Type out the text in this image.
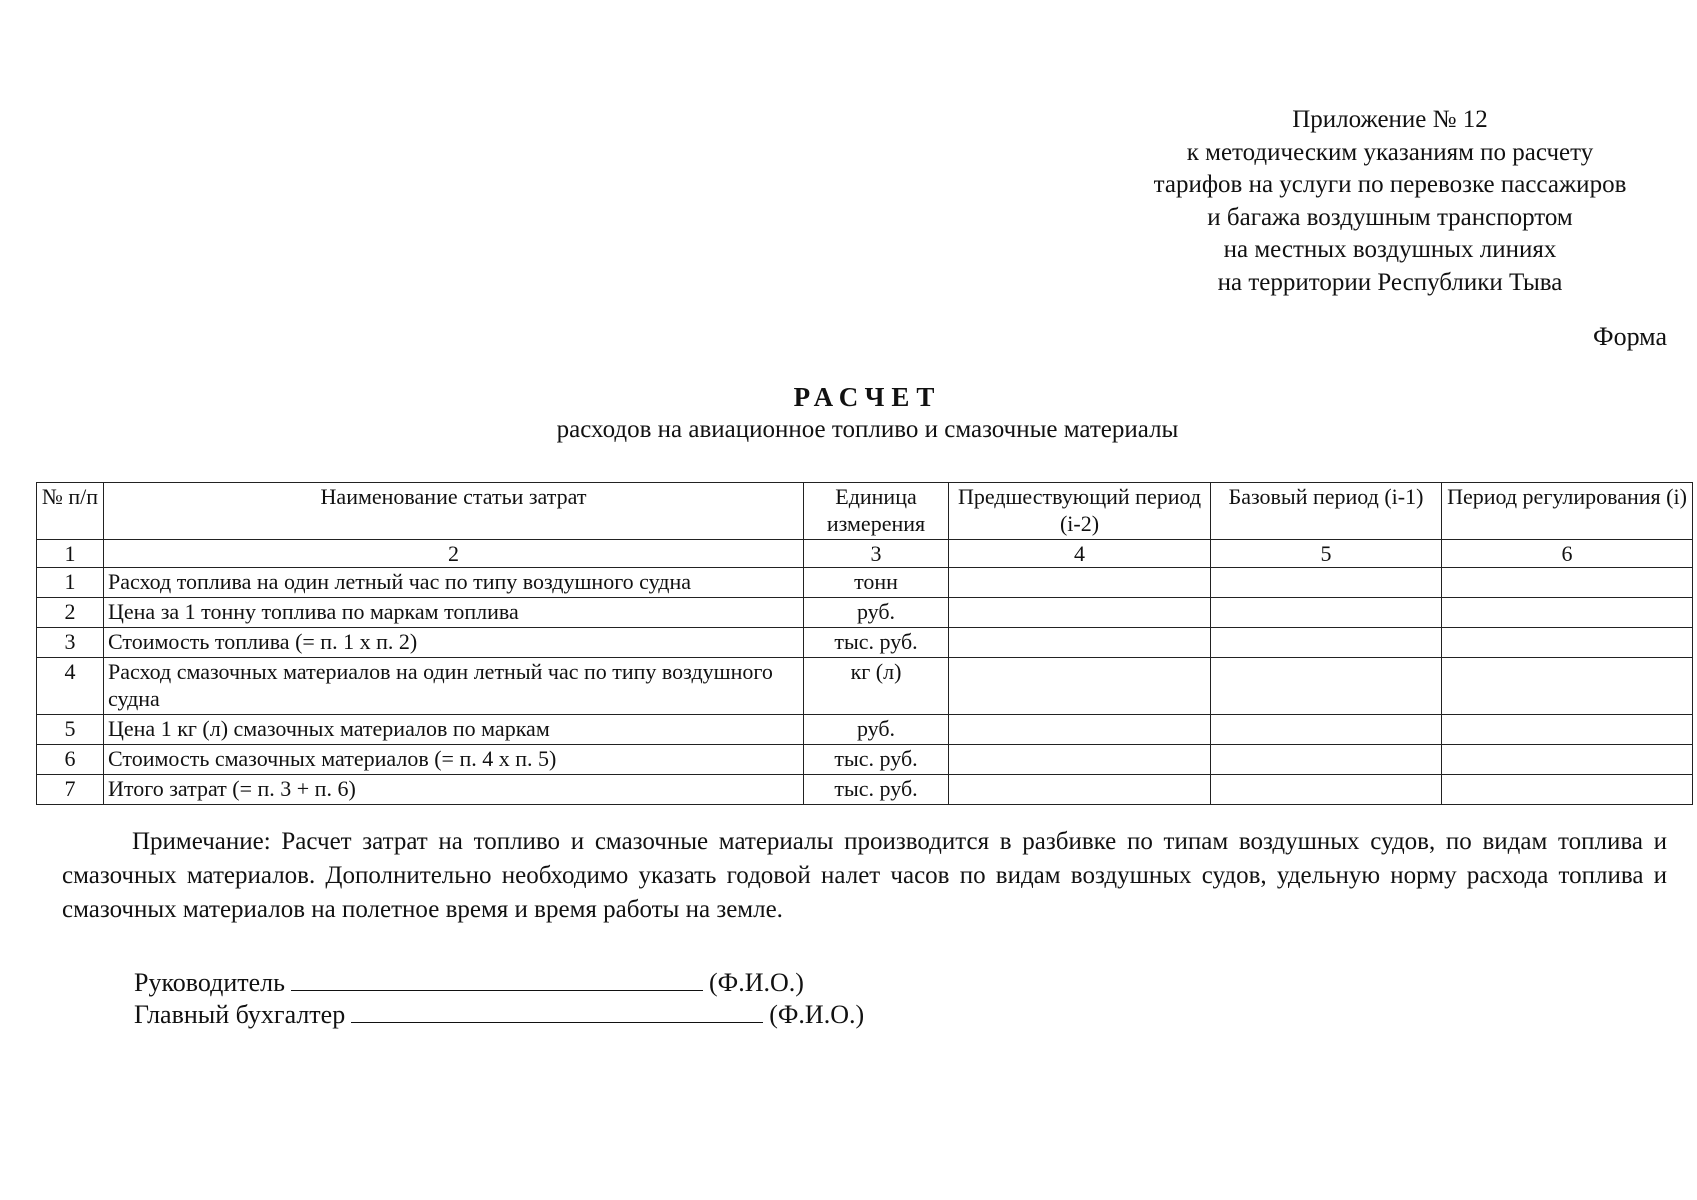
Приложение № 12
к методическим указаниям по расчету
тарифов на услуги по перевозке пассажиров
и багажа воздушным транспортом
на местных воздушных линиях
на территории Республики Тыва
Форма
РАСЧЕТ
расходов на авиационное топливо и смазочные материалы
№ п/п	Наименование статьи затрат	Единица измерения	Предшествующий период (i-2)	Базовый период (i-1)	Период регулирования (i)
1	2	3	4	5	6
1	Расход топлива на один летный час по типу воздушного судна	тонн			
2	Цена за 1 тонну топлива по маркам топлива	руб.			
3	Стоимость топлива (= п. 1 х п. 2)	тыс. руб.			
4	Расход смазочных материалов на один летный час по типу воздушного судна	кг (л)			
5	Цена 1 кг (л) смазочных материалов по маркам	руб.			
6	Стоимость смазочных материалов (= п. 4 х п. 5)	тыс. руб.			
7	Итого затрат (= п. 3 + п. 6)	тыс. руб.			
Примечание: Расчет затрат на топливо и смазочные материалы производится в разбивке по типам воздушных судов, по видам топлива и смазочных материалов. Дополнительно необходимо указать годовой налет часов по видам воздушных судов, удельную норму расхода топлива и смазочных материалов на полетное время и время работы на земле.
Руководитель	(Ф.И.О.)
Главный бухгалтер	(Ф.И.О.)
